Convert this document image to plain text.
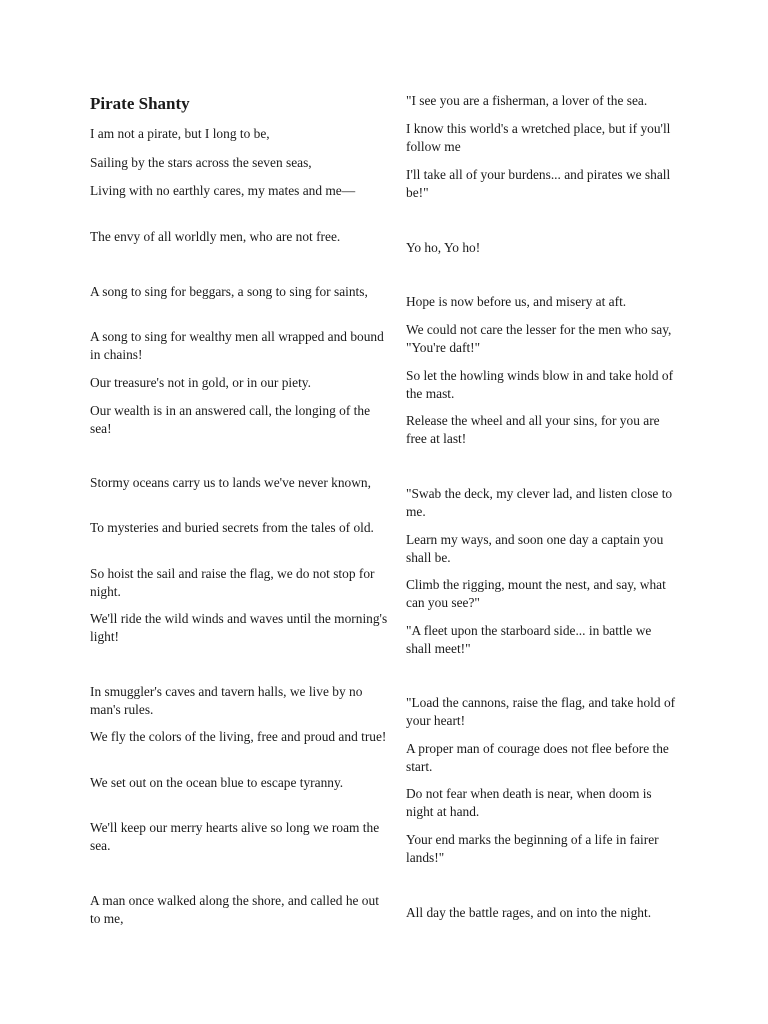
Pirate Shanty

I am not a pirate, but I long to be,

Sailing by the stars across the seven seas,

Living with no earthly cares, my mates and me—

The envy of all worldly men, who are not free.

A song to sing for beggars, a song to sing for saints,

A song to sing for wealthy men all wrapped and bound in chains!

Our treasure's not in gold, or in our piety.

Our wealth is in an answered call, the longing of the sea!

Stormy oceans carry us to lands we've never known,

To mysteries and buried secrets from the tales of old.

So hoist the sail and raise the flag, we do not stop for night.

We'll ride the wild winds and waves until the morning's light!

In smuggler's caves and tavern halls, we live by no man's rules.

We fly the colors of the living, free and proud and true!

We set out on the ocean blue to escape tyranny.

We'll keep our merry hearts alive so long we roam the sea.

A man once walked along the shore, and called he out to me,

"I see you are a fisherman, a lover of the sea.

I know this world's a wretched place, but if you'll follow me

I'll take all of your burdens... and pirates we shall be!"

Yo ho, Yo ho!

Hope is now before us, and misery at aft.

We could not care the lesser for the men who say, "You're daft!"

So let the howling winds blow in and take hold of the mast.

Release the wheel and all your sins, for you are free at last!

"Swab the deck, my clever lad, and listen close to me.

Learn my ways, and soon one day a captain you shall be.

Climb the rigging, mount the nest, and say, what can you see?"

"A fleet upon the starboard side... in battle we shall meet!"

"Load the cannons, raise the flag, and take hold of your heart!

A proper man of courage does not flee before the start.

Do not fear when death is near, when doom is night at hand.

Your end marks the beginning of a life in fairer lands!"

All day the battle rages, and on into the night.
